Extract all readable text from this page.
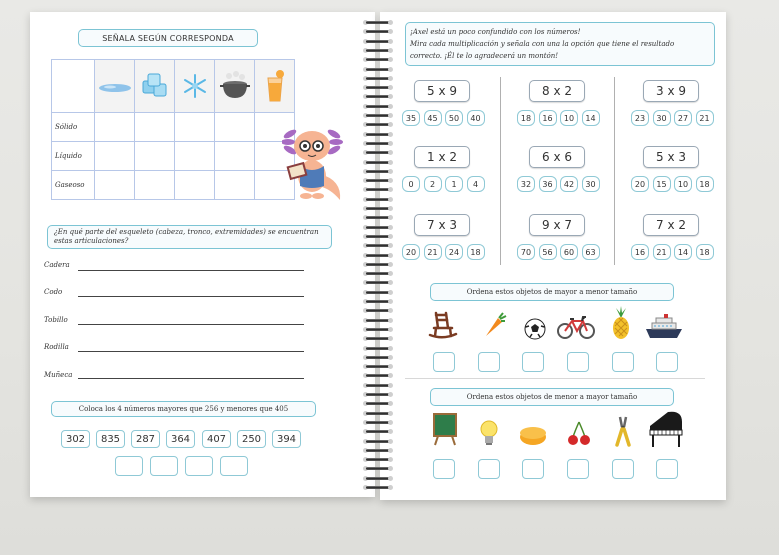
SEÑALA SEGÚN CORRESPONDA

Sólido					
Líquido					
Gaseoso					
¿En qué parte del esqueleto (cabeza, tronco, extremidades) se encuentran estas articulaciones?
Cadera
Codo
Tobillo
Rodilla
Muñeca
Coloca los 4 números mayores que 256 y menores que 405
302	835	287	364	407	250	394
¡Axel está un poco confundido con los números!
Mira cada multiplicación y señala con una la opción que tiene el resultado
correcto. ¡Él te lo agradecerá un montón!
5 x 9
35	45	50	40
8 x 2
18	16	10	14
3 x 9
23	30	27	21
1 x 2
0	2	1	4
6 x 6
32	36	42	30
5 x 3
20	15	10	18
7 x 3
20	21	24	18
9 x 7
70	56	60	63
7 x 2
16	21	14	18
Ordena estos objetos de mayor a menor tamaño
Ordena estos objetos de menor a mayor tamaño
